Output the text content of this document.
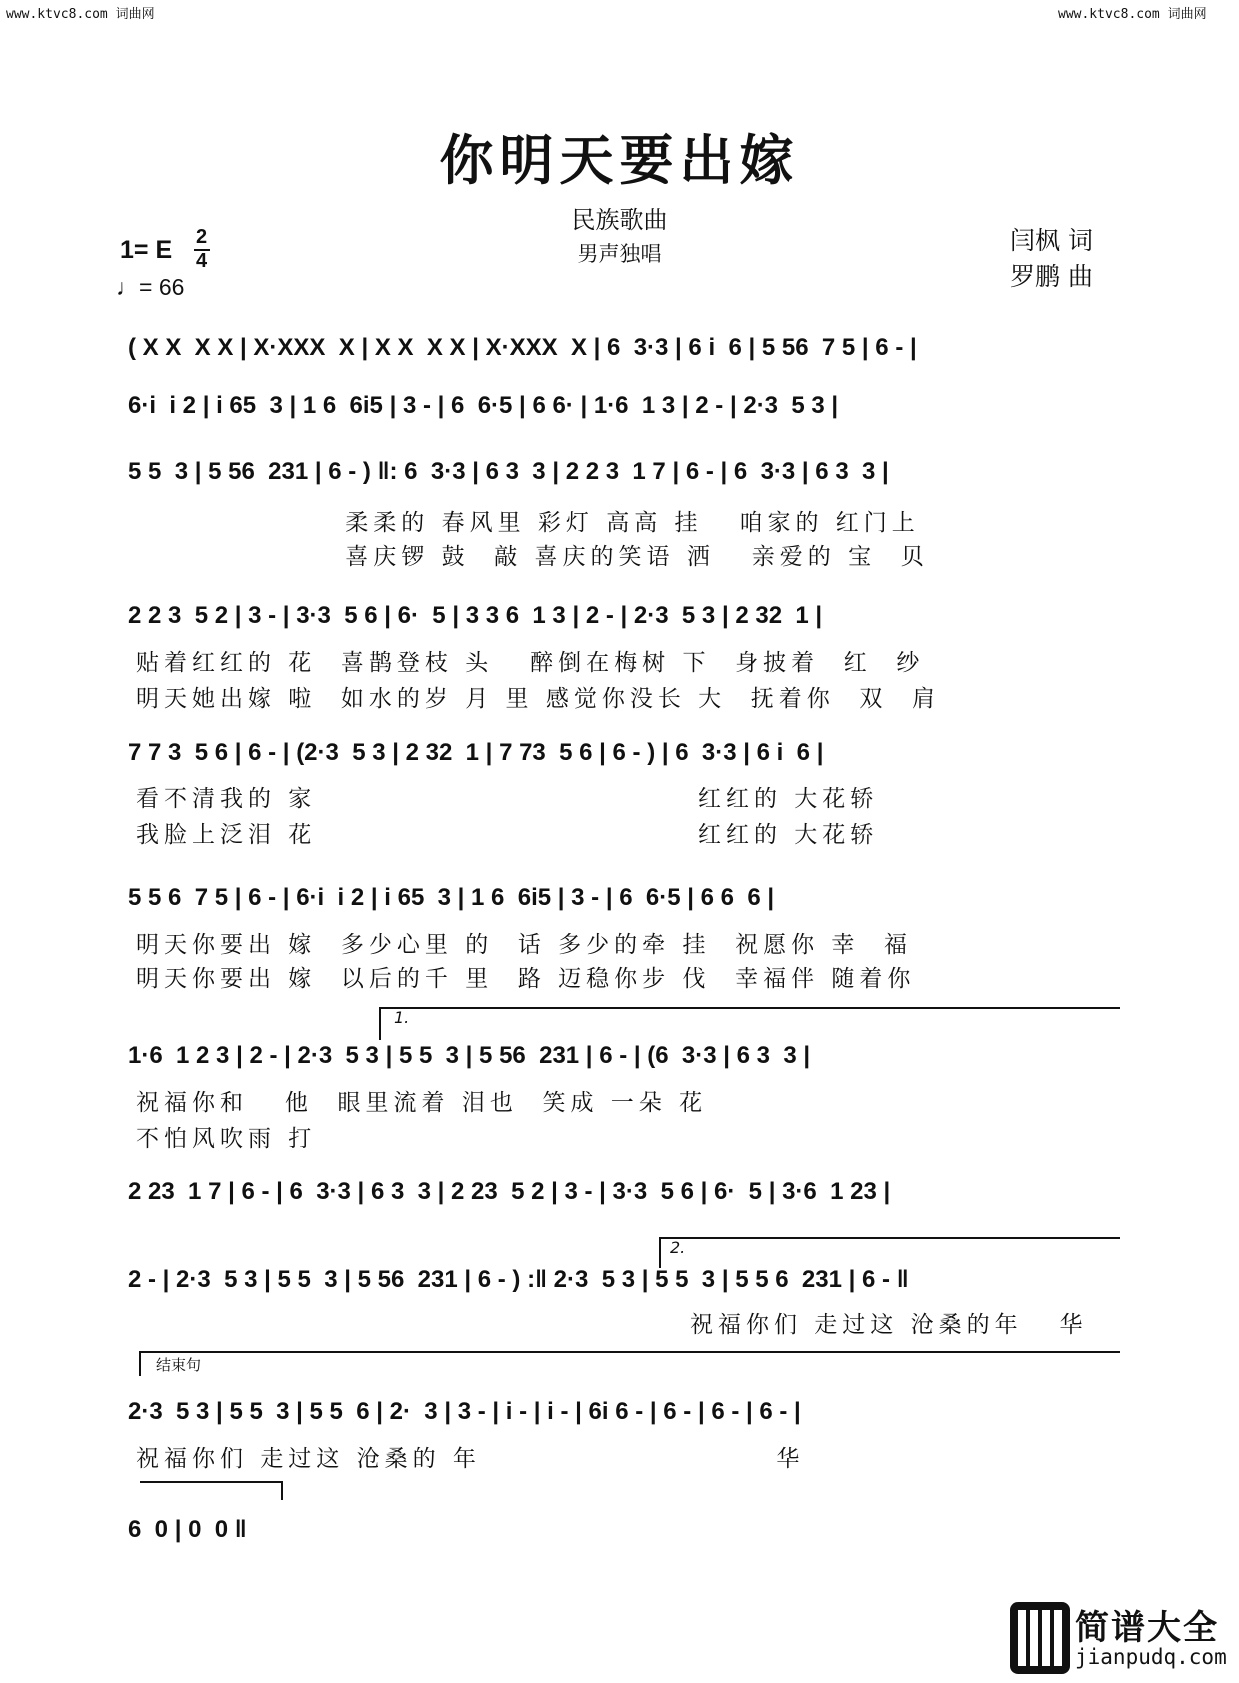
www.ktvc8.com 词曲网	www.ktvc8.com 词曲网
你明天要出嫁
民族歌曲
男声独唱
1= E 2
4
♩= 66
闫枫 词
罗鹏 曲
( X X  X X | X·XXX  X | X X  X X | X·XXX  X | 6  3·3 | 6 i  6 | 5 56  7 5 | 6 - |
6·i  i 2 | i 65  3 | 1 6  6i5 | 3 - | 6  6·5 | 6 6· | 1·6  1 3 | 2 - | 2·3  5 3 |
5 5  3 | 5 56  231 | 6 - ) ‖: 6  3·3 | 6 3  3 | 2 2 3  1 7 | 6 - | 6  3·3 | 6 3  3 |
柔柔的 春风里 彩灯 高高 挂   咱家的 红门上
喜庆锣 鼓  敲 喜庆的笑语 洒   亲爱的 宝  贝
2 2 3  5 2 | 3 - | 3·3  5 6 | 6·  5 | 3 3 6  1 3 | 2 - | 2·3  5 3 | 2 32  1 |
贴着红红的 花  喜鹊登枝 头   醉倒在梅树 下  身披着  红  纱
明天她出嫁 啦  如水的岁 月 里 感觉你没长 大  抚着你  双  肩
7 7 3  5 6 | 6 - | (2·3  5 3 | 2 32  1 | 7 73  5 6 | 6 - ) | 6  3·3 | 6 i  6 |
看不清我的 家                               红红的 大花轿
我脸上泛泪 花                               红红的 大花轿
5 5 6  7 5 | 6 - | 6·i  i 2 | i 65  3 | 1 6  6i5 | 3 - | 6  6·5 | 6 6  6 |
明天你要出 嫁  多少心里 的  话 多少的牵 挂  祝愿你 幸  福
明天你要出 嫁  以后的千 里  路 迈稳你步 伐  幸福伴 随着你
1.
1·6  1 2 3 | 2 - | 2·3  5 3 | 5 5  3 | 5 56  231 | 6 - | (6  3·3 | 6 3  3 |
祝福你和   他  眼里流着 泪也  笑成 一朵 花
不怕风吹雨 打
2 23  1 7 | 6 - | 6  3·3 | 6 3  3 | 2 23  5 2 | 3 - | 3·3  5 6 | 6·  5 | 3·6  1 23 |
2.
2 - | 2·3  5 3 | 5 5  3 | 5 56  231 | 6 - ) :‖ 2·3  5 3 | 5 5  3 | 5 5 6  231 | 6 - ‖
祝福你们 走过这 沧桑的年   华
结束句
2·3  5 3 | 5 5  3 | 5 5  6 | 2·  3 | 3 - | i - | i - | 6i 6 - | 6 - | 6 - | 6 - |
祝福你们 走过这 沧桑的 年                        华
6  0 | 0  0 ‖
简谱大全
jianpudq.com
